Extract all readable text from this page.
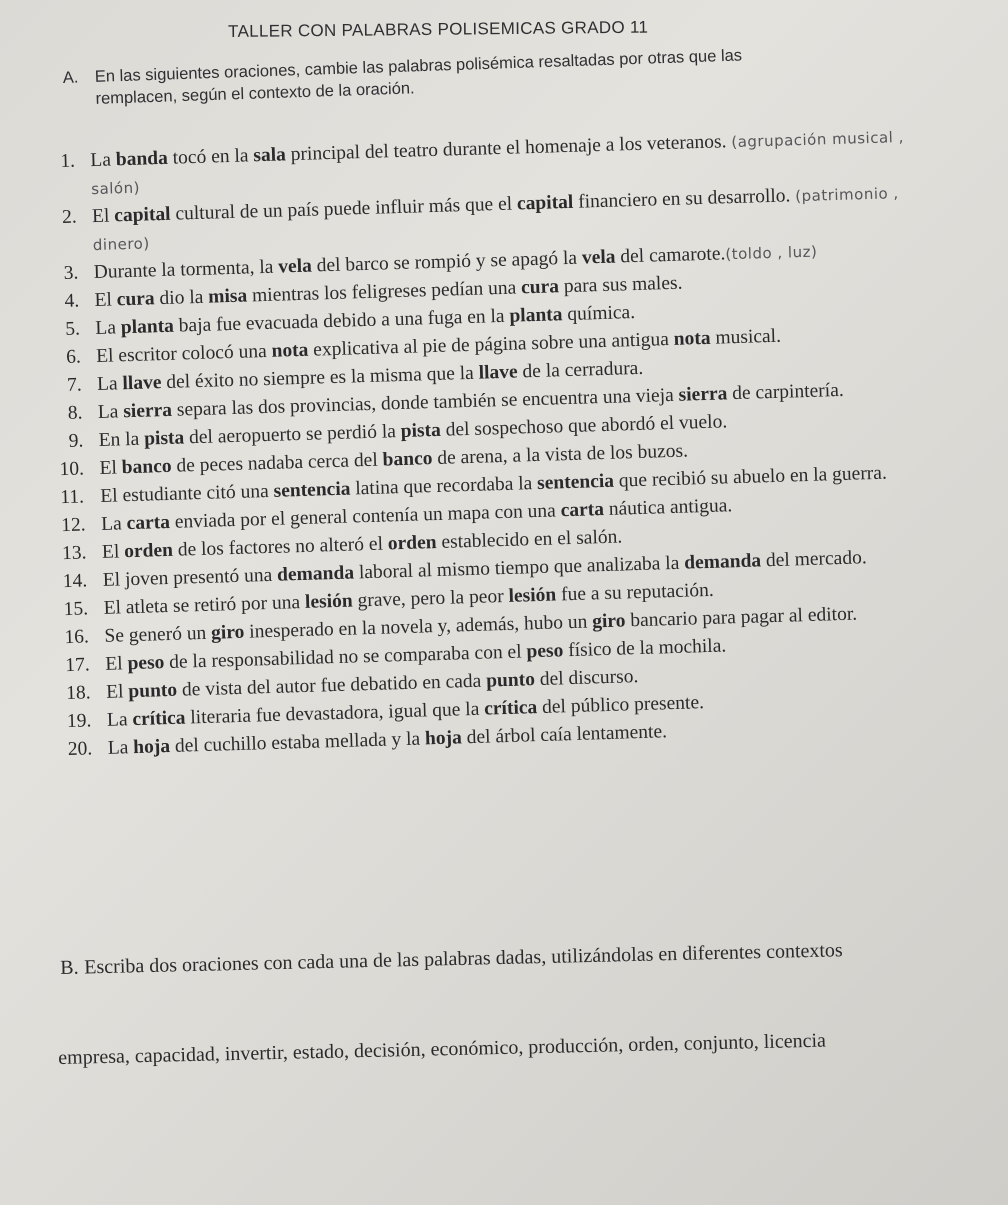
TALLER CON PALABRAS POLISEMICAS GRADO 11
A. En las siguientes oraciones, cambie las palabras polisémica resaltadas por otras que las
remplacen, según el contexto de la oración.
1. La banda tocó en la sala principal del teatro durante el homenaje a los veteranos. (agrupación musical , salón)
2. El capital cultural de un país puede influir más que el capital financiero en su desarrollo. (patrimonio , dinero)
3. Durante la tormenta, la vela del barco se rompió y se apagó la vela del camarote.(toldo , luz)
4. El cura dio la misa mientras los feligreses pedían una cura para sus males.
5. La planta baja fue evacuada debido a una fuga en la planta química.
6. El escritor colocó una nota explicativa al pie de página sobre una antigua nota musical.
7. La llave del éxito no siempre es la misma que la llave de la cerradura.
8. La sierra separa las dos provincias, donde también se encuentra una vieja sierra de carpintería.
9. En la pista del aeropuerto se perdió la pista del sospechoso que abordó el vuelo.
10. El banco de peces nadaba cerca del banco de arena, a la vista de los buzos.
11. El estudiante citó una sentencia latina que recordaba la sentencia que recibió su abuelo en la guerra.
12. La carta enviada por el general contenía un mapa con una carta náutica antigua.
13. El orden de los factores no alteró el orden establecido en el salón.
14. El joven presentó una demanda laboral al mismo tiempo que analizaba la demanda del mercado.
15. El atleta se retiró por una lesión grave, pero la peor lesión fue a su reputación.
16. Se generó un giro inesperado en la novela y, además, hubo un giro bancario para pagar al editor.
17. El peso de la responsabilidad no se comparaba con el peso físico de la mochila.
18. El punto de vista del autor fue debatido en cada punto del discurso.
19. La crítica literaria fue devastadora, igual que la crítica del público presente.
20. La hoja del cuchillo estaba mellada y la hoja del árbol caía lentamente.
B. Escriba dos oraciones con cada una de las palabras dadas, utilizándolas en diferentes contextos
empresa, capacidad, invertir, estado, decisión, económico, producción, orden, conjunto, licencia
